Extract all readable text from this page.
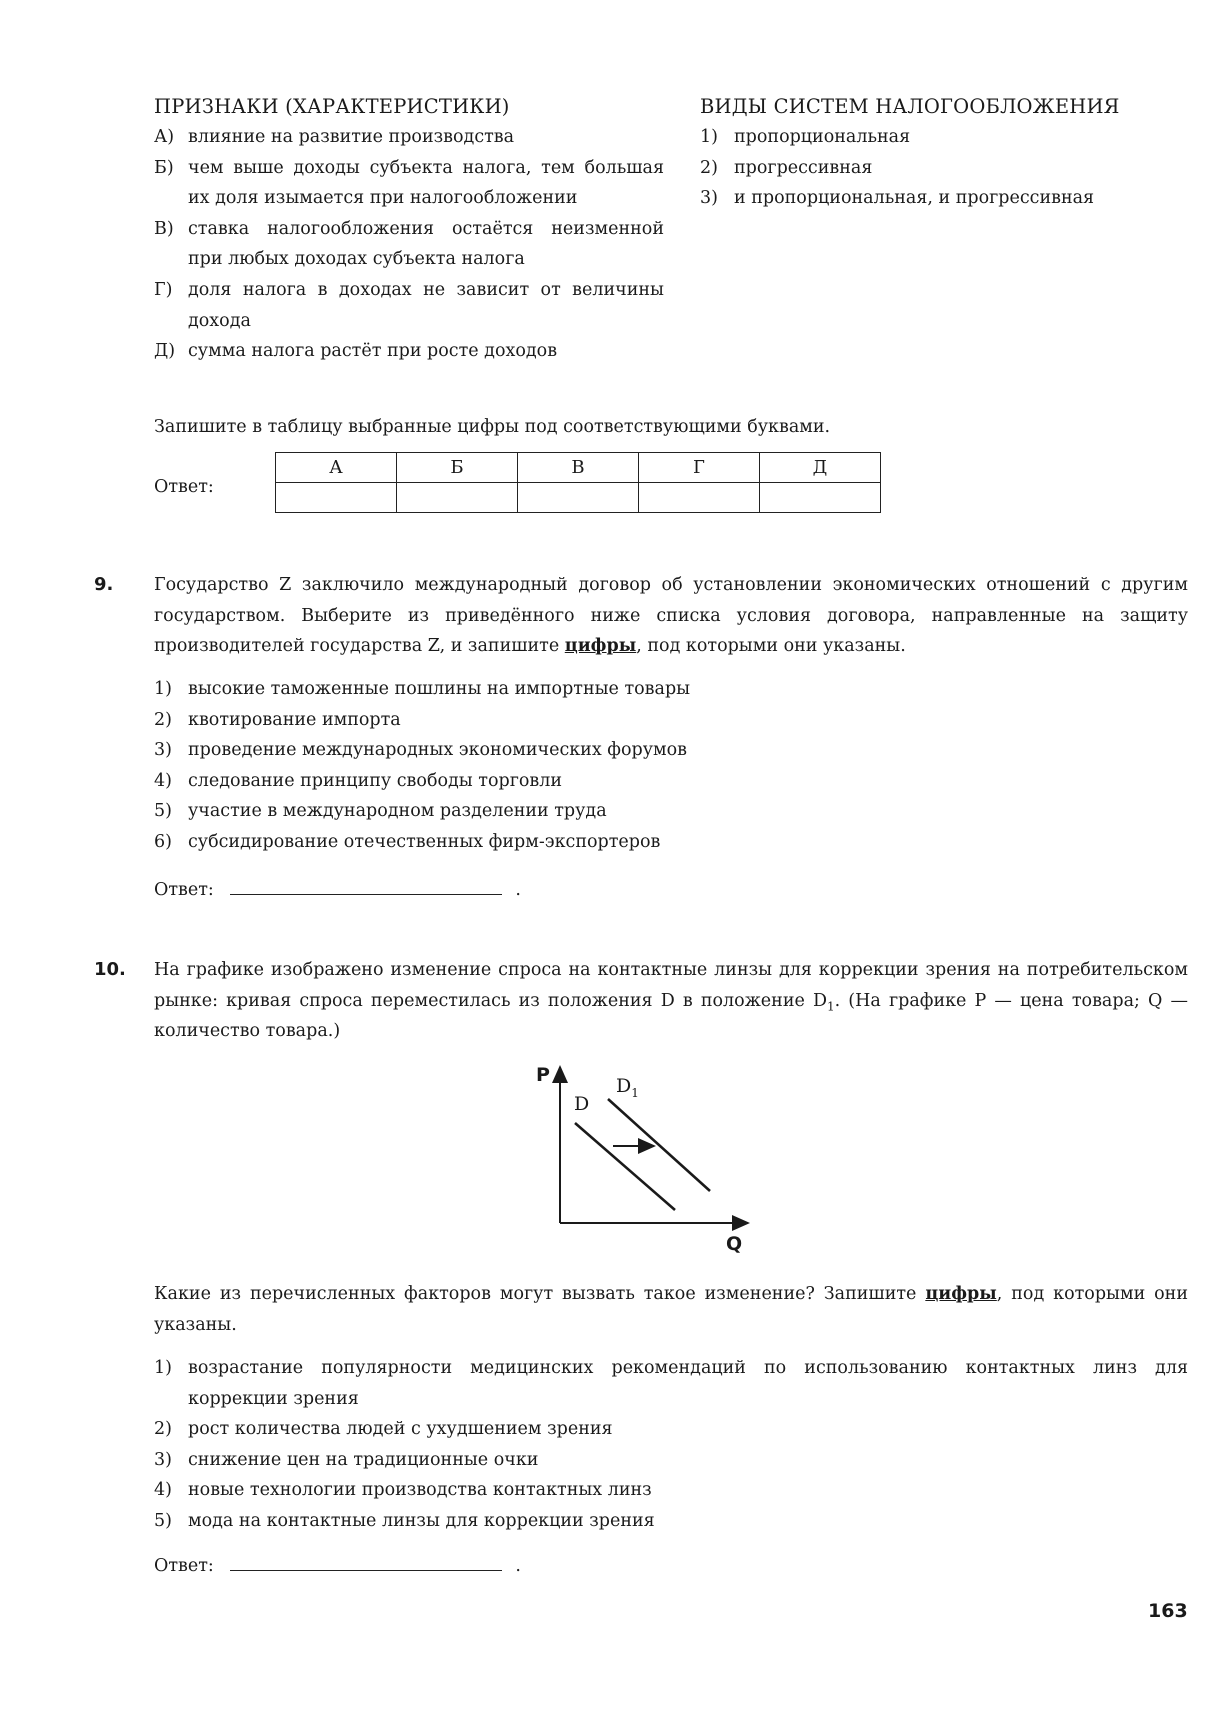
ПРИЗНАКИ (ХАРАКТЕРИСТИКИ)	ВИДЫ СИСТЕМ НАЛОГООБЛОЖЕНИЯ
А) влияние на развитие производства
Б) чем выше доходы субъекта налога, тем большая их доля изымается при налогообложении
В) ставка налогообложения остаётся неизменной при любых доходах субъекта налога
Г) доля налога в доходах не зависит от величины дохода
Д) сумма налога растёт при росте доходов
1) пропорциональная
2) прогрессивная
3) и пропорциональная, и прогрессивная
Запишите в таблицу выбранные цифры под соответствующими буквами.
Ответ:
А	Б	В	Г	Д

9. Государство Z заключило международный договор об установлении экономических отношений с другим государством. Выберите из приведённого ниже списка условия договора, направленные на защиту производителей государства Z, и запишите цифры, под которыми они указаны.
1) высокие таможенные пошлины на импортные товары
2) квотирование импорта
3) проведение международных экономических форумов
4) следование принципу свободы торговли
5) участие в международном разделении труда
6) субсидирование отечественных фирм-экспортеров
Ответ:	.
10. На графике изображено изменение спроса на контактные линзы для коррекции зрения на потребительском рынке: кривая спроса переместилась из положения D в положение $D_1$. (На графике P — цена товара; Q — количество товара.)
P
Q
D
$D_1$
Какие из перечисленных факторов могут вызвать такое изменение? Запишите цифры, под которыми они указаны.
1) возрастание популярности медицинских рекомендаций по использованию контактных линз для коррекции зрения
2) рост количества людей с ухудшением зрения
3) снижение цен на традиционные очки
4) новые технологии производства контактных линз
5) мода на контактные линзы для коррекции зрения
Ответ:	.
163
